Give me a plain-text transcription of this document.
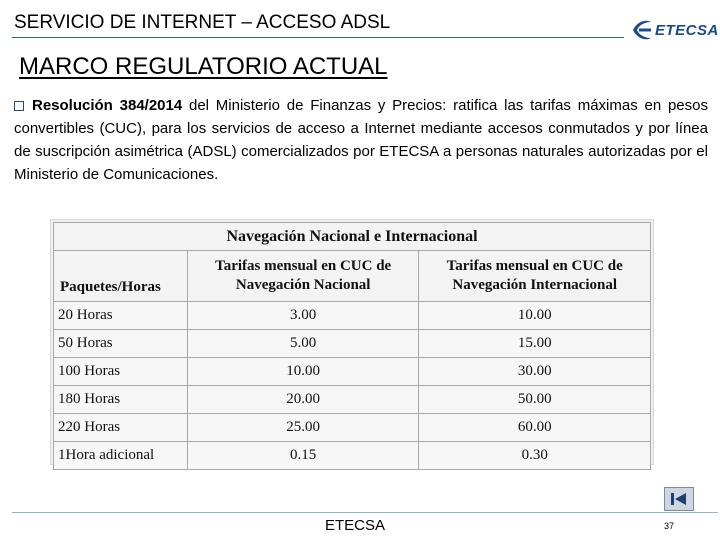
SERVICIO DE INTERNET – ACCESO ADSL	ETECSA
MARCO REGULATORIO ACTUAL
Resolución 384/2014 del Ministerio de Finanzas y Precios: ratifica las tarifas máximas en pesos convertibles (CUC), para los servicios de acceso a Internet mediante accesos conmutados y por línea de suscripción asimétrica (ADSL) comercializados por ETECSA a personas naturales autorizadas por el Ministerio de Comunicaciones.
Navegación Nacional e Internacional		
Paquetes/Horas	Tarifas mensual en CUC de Navegación Nacional	Tarifas mensual en CUC de Navegación Internacional
20 Horas	3.00	10.00
50 Horas	5.00	15.00
100 Horas	10.00	30.00
180 Horas	20.00	50.00
220 Horas	25.00	60.00
1Hora adicional	0.15	0.30
ETECSA	37
